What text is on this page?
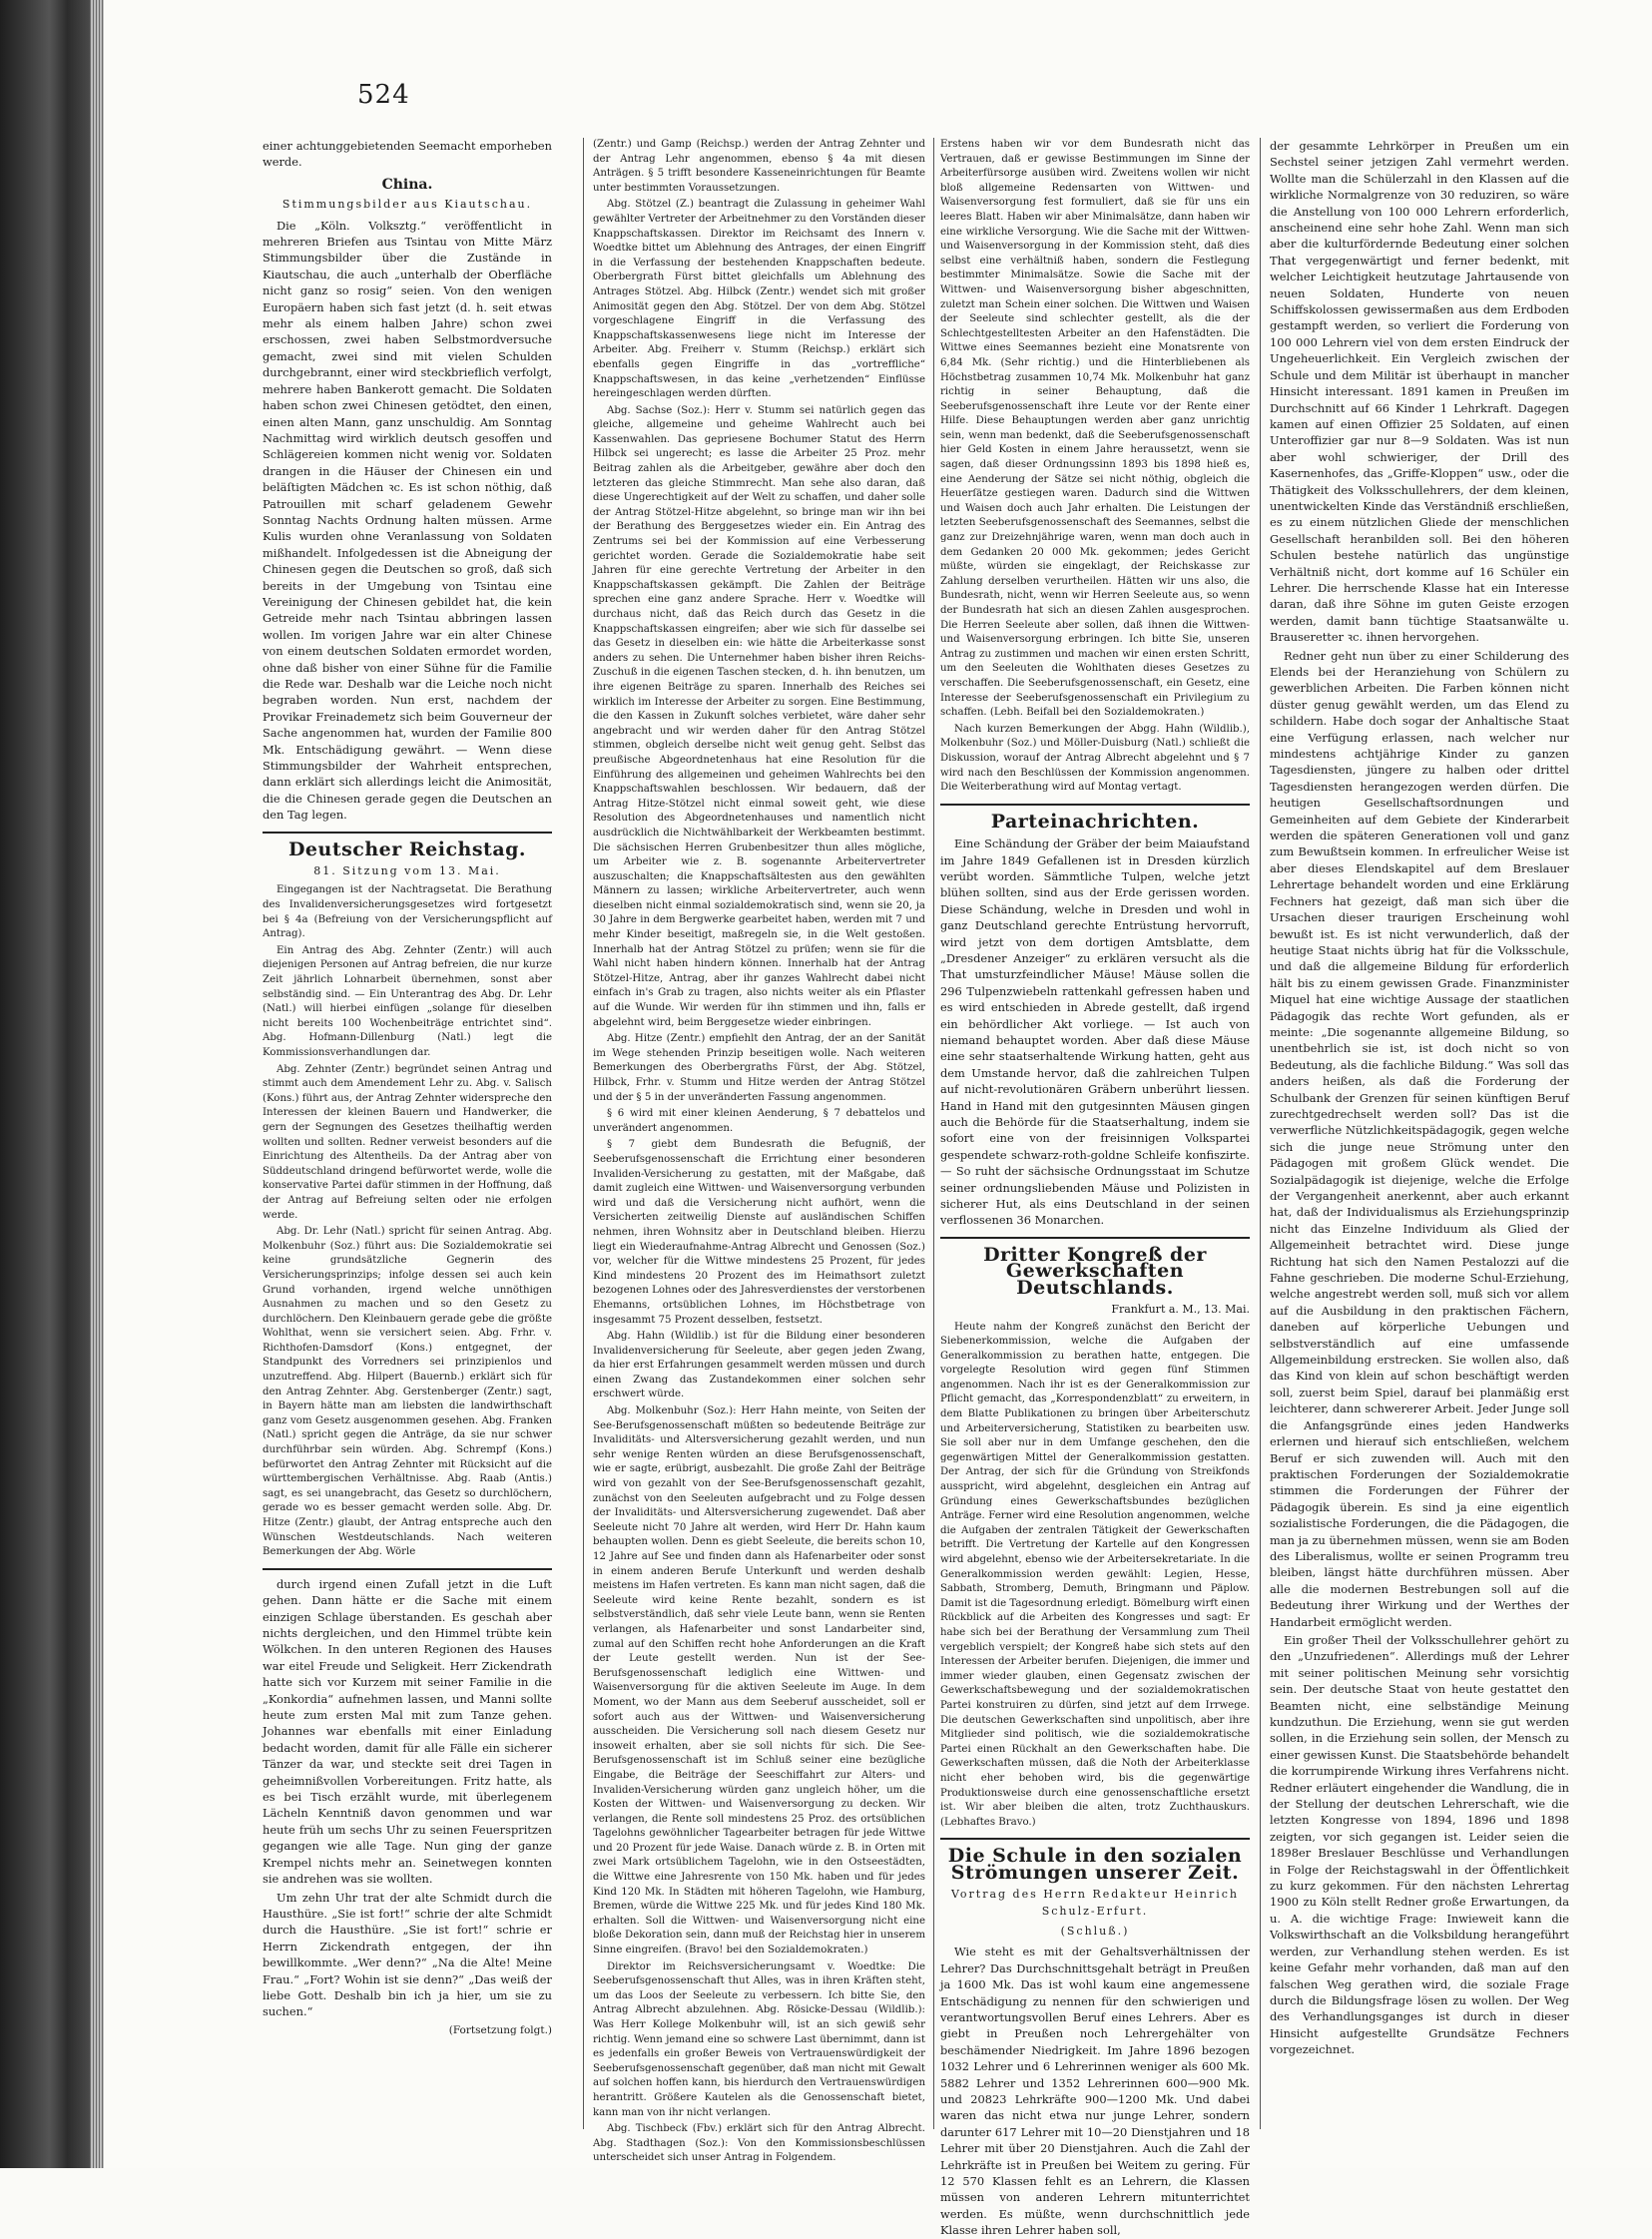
524

einer achtunggebietenden Seemacht emporheben werde.

China.
Stimmungsbilder aus Kiautschau.

Die „Köln. Volksztg.“ veröffentlicht in mehreren Briefen aus Tsintau von Mitte März Stimmungsbilder über die Zustände in Kiautschau, die auch „unterhalb der Oberfläche nicht ganz so rosig“ seien. Von den wenigen Europäern haben sich fast jetzt (d. h. seit etwas mehr als einem halben Jahre) schon zwei erschossen, zwei haben Selbstmordversuche gemacht, zwei sind mit vielen Schulden durchgebrannt, einer wird steckbrieflich verfolgt, mehrere haben Bankerott gemacht. Die Soldaten haben schon zwei Chinesen getödtet, den einen, einen alten Mann, ganz unschuldig. Am Sonntag Nachmittag wird wirklich deutsch gesoffen und Schlägereien kommen nicht wenig vor. Soldaten drangen in die Häuser der Chinesen ein und beläſtigten Mädchen ꝛc. Es ist schon nöthig, daß Patrouillen mit scharf geladenem Gewehr Sonntag Nachts Ordnung halten müssen. Arme Kulis wurden ohne Veranlassung von Soldaten mißhandelt. Infolgedessen ist die Abneigung der Chinesen gegen die Deutschen so groß, daß sich bereits in der Umgebung von Tsintau eine Vereinigung der Chinesen gebildet hat, die kein Getreide mehr nach Tsintau abbringen lassen wollen. Im vorigen Jahre war ein alter Chinese von einem deutschen Soldaten ermordet worden, ohne daß bisher von einer Sühne für die Familie die Rede war. Deshalb war die Leiche noch nicht begraben worden. Nun erst, nachdem der Provikar Freinademetz sich beim Gouverneur der Sache angenommen hat, wurden der Familie 800 Mk. Entschädigung gewährt. — Wenn diese Stimmungsbilder der Wahrheit entsprechen, dann erklärt sich allerdings leicht die Animosität, die die Chinesen gerade gegen die Deutschen an den Tag legen.

Deutscher Reichstag.
81. Sitzung vom 13. Mai.

Eingegangen ist der Nachtragsetat. Die Berathung des Invalidenversicherungsgesetzes wird fortgesetzt bei § 4a (Befreiung von der Versicherungspflicht auf Antrag).

Ein Antrag des Abg. Zehnter (Zentr.) will auch diejenigen Personen auf Antrag befreien, die nur kurze Zeit jährlich Lohnarbeit übernehmen, sonst aber selbständig sind. — Ein Unterantrag des Abg. Dr. Lehr (Natl.) will hierbei einfügen „solange für dieselben nicht bereits 100 Wochenbeiträge entrichtet sind“. Abg. Hofmann-Dillenburg (Natl.) legt die Kommissionsverhandlungen dar.

Abg. Zehnter (Zentr.) begründet seinen Antrag und stimmt auch dem Amendement Lehr zu. Abg. v. Salisch (Kons.) führt aus, der Antrag Zehnter widerspreche den Interessen der kleinen Bauern und Handwerker, die gern der Segnungen des Gesetzes theilhaftig werden wollten und sollten. Redner verweist besonders auf die Einrichtung des Altentheils. Da der Antrag aber von Süddeutschland dringend befürwortet werde, wolle die konservative Partei dafür stimmen in der Hoffnung, daß der Antrag auf Befreiung selten oder nie erfolgen werde.

Abg. Dr. Lehr (Natl.) spricht für seinen Antrag. Abg. Molkenbuhr (Soz.) führt aus: Die Sozialdemokratie sei keine grundsätzliche Gegnerin des Versicherungsprinzips; infolge dessen sei auch kein Grund vorhanden, irgend welche unnöthigen Ausnahmen zu machen und so den Gesetz zu durchlöchern. Den Kleinbauern gerade gebe die größte Wohlthat, wenn sie versichert seien. Abg. Frhr. v. Richthofen-Damsdorf (Kons.) entgegnet, der Standpunkt des Vorredners sei prinzipienlos und unzutreffend. Abg. Hilpert (Bauernb.) erklärt sich für den Antrag Zehnter. Abg. Gerstenberger (Zentr.) sagt, in Bayern hätte man am liebsten die landwirthschaft ganz vom Gesetz ausgenommen gesehen. Abg. Franken (Natl.) spricht gegen die Anträge, da sie nur schwer durchführbar sein würden. Abg. Schrempf (Kons.) befürwortet den Antrag Zehnter mit Rücksicht auf die württembergischen Verhältnisse. Abg. Raab (Antis.) sagt, es sei unangebracht, das Gesetz so durchlöchern, gerade wo es besser gemacht werden solle. Abg. Dr. Hitze (Zentr.) glaubt, der Antrag entspreche auch den Wünschen Westdeutschlands. Nach weiteren Bemerkungen der Abg. Wörle

durch irgend einen Zufall jetzt in die Luft gehen. Dann hätte er die Sache mit einem einzigen Schlage überstanden. Es geschah aber nichts dergleichen, und den Himmel trübte kein Wölkchen. In den unteren Regionen des Hauses war eitel Freude und Seligkeit. Herr Zickendrath hatte sich vor Kurzem mit seiner Familie in die „Konkordia“ aufnehmen lassen, und Manni sollte heute zum ersten Mal mit zum Tanze gehen. Johannes war ebenfalls mit einer Einladung bedacht worden, damit für alle Fälle ein sicherer Tänzer da war, und steckte seit drei Tagen in geheimnißvollen Vorbereitungen. Fritz hatte, als es bei Tisch erzählt wurde, mit überlegenem Lächeln Kenntniß davon genommen und war heute früh um sechs Uhr zu seinen Feuerspritzen gegangen wie alle Tage. Nun ging der ganze Krempel nichts mehr an. Seinetwegen konnten sie andrehen was sie wollten.

Um zehn Uhr trat der alte Schmidt durch die Hausthüre. „Sie ist fort!“ schrie der alte Schmidt durch die Hausthüre. „Sie ist fort!“ schrie er Herrn Zickendrath entgegen, der ihn bewillkommte. „Wer denn?“ „Na die Alte! Meine Frau.“ „Fort? Wohin ist sie denn?“ „Das weiß der liebe Gott. Deshalb bin ich ja hier, um sie zu suchen.“

(Fortsetzung folgt.)

(Zentr.) und Gamp (Reichsp.) werden der Antrag Zehnter und der Antrag Lehr angenommen, ebenso § 4a mit diesen Anträgen. § 5 trifft besondere Kasseneinrichtungen für Beamte unter bestimmten Voraussetzungen.

Abg. Stötzel (Z.) beantragt die Zulassung in geheimer Wahl gewählter Vertreter der Arbeitnehmer zu den Vorständen dieser Knappschaftskassen. Direktor im Reichsamt des Innern v. Woedtke bittet um Ablehnung des Antrages, der einen Eingriff in die Verfassung der bestehenden Knappschaften bedeute. Oberbergrath Fürst bittet gleichfalls um Ablehnung des Antrages Stötzel. Abg. Hilbck (Zentr.) wendet sich mit großer Animosität gegen den Abg. Stötzel. Der von dem Abg. Stötzel vorgeschlagene Eingriff in die Verfassung des Knappschaftskassenwesens liege nicht im Interesse der Arbeiter. Abg. Freiherr v. Stumm (Reichsp.) erklärt sich ebenfalls gegen Eingriffe in das „vortreffliche“ Knappschaftswesen, in das keine „verhetzenden“ Einflüsse hereingeschlagen werden dürften.

Abg. Sachse (Soz.): Herr v. Stumm sei natürlich gegen das gleiche, allgemeine und geheime Wahlrecht auch bei Kassenwahlen. Das gepriesene Bochumer Statut des Herrn Hilbck sei ungerecht; es lasse die Arbeiter 25 Proz. mehr Beitrag zahlen als die Arbeitgeber, gewähre aber doch den letzteren das gleiche Stimmrecht. Man sehe also daran, daß diese Ungerechtigkeit auf der Welt zu schaffen, und daher solle der Antrag Stötzel-Hitze abgelehnt, so bringe man wir ihn bei der Berathung des Berggesetzes wieder ein. Ein Antrag des Zentrums sei bei der Kommission auf eine Verbesserung gerichtet worden. Gerade die Sozialdemokratie habe seit Jahren für eine gerechte Vertretung der Arbeiter in den Knappschaftskassen gekämpft. Die Zahlen der Beiträge sprechen eine ganz andere Sprache. Herr v. Woedtke will durchaus nicht, daß das Reich durch das Gesetz in die Knappschaftskassen eingreifen; aber wie sich für dasselbe sei das Gesetz in dieselben ein: wie hätte die Arbeiterkasse sonst anders zu sehen. Die Unternehmer haben bisher ihren Reichs-Zuschuß in die eigenen Taschen stecken, d. h. ihn benutzen, um ihre eigenen Beiträge zu sparen. Innerhalb des Reiches sei wirklich im Interesse der Arbeiter zu sorgen. Eine Bestimmung, die den Kassen in Zukunft solches verbietet, wäre daher sehr angebracht und wir werden daher für den Antrag Stötzel stimmen, obgleich derselbe nicht weit genug geht. Selbst das preußische Abgeordnetenhaus hat eine Resolution für die Einführung des allgemeinen und geheimen Wahlrechts bei den Knappschaftswahlen beschlossen. Wir bedauern, daß der Antrag Hitze-Stötzel nicht einmal soweit geht, wie diese Resolution des Abgeordnetenhauses und namentlich nicht ausdrücklich die Nichtwählbarkeit der Werkbeamten bestimmt. Die sächsischen Herren Grubenbesitzer thun alles mögliche, um Arbeiter wie z. B. sogenannte Arbeitervertreter auszuschalten; die Knappschaftsältesten aus den gewählten Männern zu lassen; wirkliche Arbeitervertreter, auch wenn dieselben nicht einmal sozialdemokratisch sind, wenn sie 20, ja 30 Jahre in dem Bergwerke gearbeitet haben, werden mit 7 und mehr Kinder beseitigt, maßregeln sie, in die Welt gestoßen. Innerhalb hat der Antrag Stötzel zu prüfen; wenn sie für die Wahl nicht haben hindern können. Innerhalb hat der Antrag Stötzel-Hitze, Antrag, aber ihr ganzes Wahlrecht dabei nicht einfach in's Grab zu tragen, also nichts weiter als ein Pflaster auf die Wunde. Wir werden für ihn stimmen und ihn, falls er abgelehnt wird, beim Berggesetze wieder einbringen.

Abg. Hitze (Zentr.) empfiehlt den Antrag, der an der Sanität im Wege stehenden Prinzip beseitigen wolle. Nach weiteren Bemerkungen des Oberbergraths Fürst, der Abg. Stötzel, Hilbck, Frhr. v. Stumm und Hitze werden der Antrag Stötzel und der § 5 in der unveränderten Fassung angenommen.

§ 6 wird mit einer kleinen Aenderung, § 7 debattelos und unverändert angenommen.

§ 7 giebt dem Bundesrath die Befugniß, der Seeberufsgenossenschaft die Errichtung einer besonderen Invaliden-Versicherung zu gestatten, mit der Maßgabe, daß damit zugleich eine Wittwen- und Waisenversorgung verbunden wird und daß die Versicherung nicht aufhört, wenn die Versicherten zeitweilig Dienste auf ausländischen Schiffen nehmen, ihren Wohnsitz aber in Deutschland bleiben. Hierzu liegt ein Wiederaufnahme-Antrag Albrecht und Genossen (Soz.) vor, welcher für die Wittwe mindestens 25 Prozent, für jedes Kind mindestens 20 Prozent des im Heimathsort zuletzt bezogenen Lohnes oder des Jahresverdienstes der verstorbenen Ehemanns, ortsüblichen Lohnes, im Höchstbetrage von insgesammt 75 Prozent desselben, festsetzt.

Abg. Hahn (Wildlib.) ist für die Bildung einer besonderen Invalidenversicherung für Seeleute, aber gegen jeden Zwang, da hier erst Erfahrungen gesammelt werden müssen und durch einen Zwang das Zustandekommen einer solchen sehr erschwert würde.

Abg. Molkenbuhr (Soz.): Herr Hahn meinte, von Seiten der See-Berufsgenossenschaft müßten so bedeutende Beiträge zur Invaliditäts- und Altersversicherung gezahlt werden, und nun sehr wenige Renten würden an diese Berufsgenossenschaft, wie er sagte, erübrigt, ausbezahlt. Die große Zahl der Beiträge wird von gezahlt von der See-Berufsgenossenschaft gezahlt, zunächst von den Seeleuten aufgebracht und zu Folge dessen der Invaliditäts- und Altersversicherung zugewendet. Daß aber Seeleute nicht 70 Jahre alt werden, wird Herr Dr. Hahn kaum behaupten wollen. Denn es giebt Seeleute, die bereits schon 10, 12 Jahre auf See und finden dann als Hafenarbeiter oder sonst in einem anderen Berufe Unterkunft und werden deshalb meistens im Hafen vertreten. Es kann man nicht sagen, daß die Seeleute wird keine Rente bezahlt, sondern es ist selbstverständlich, daß sehr viele Leute bann, wenn sie Renten verlangen, als Hafenarbeiter und sonst Landarbeiter sind, zumal auf den Schiffen recht hohe Anforderungen an die Kraft der Leute gestellt werden. Nun ist der See-Berufsgenossenschaft lediglich eine Wittwen- und Waisenversorgung für die aktiven Seeleute im Auge. In dem Moment, wo der Mann aus dem Seeberuf ausscheidet, soll er sofort auch aus der Wittwen- und Waisenversicherung ausscheiden. Die Versicherung soll nach diesem Gesetz nur insoweit erhalten, aber sie soll nichts für sich. Die See-Berufsgenossenschaft ist im Schluß seiner eine bezügliche Eingabe, die Beiträge der Seeschiffahrt zur Alters- und Invaliden-Versicherung würden ganz ungleich höher, um die Kosten der Wittwen- und Waisenversorgung zu decken. Wir verlangen, die Rente soll mindestens 25 Proz. des ortsüblichen Tagelohns gewöhnlicher Tagearbeiter betragen für jede Wittwe und 20 Prozent für jede Waise. Danach würde z. B. in Orten mit zwei Mark ortsüblichem Tagelohn, wie in den Ostseestädten, die Wittwe eine Jahresrente von 150 Mk. haben und für jedes Kind 120 Mk. In Städten mit höheren Tagelohn, wie Hamburg, Bremen, würde die Wittwe 225 Mk. und für jedes Kind 180 Mk. erhalten. Soll die Wittwen- und Waisenversorgung nicht eine bloße Dekoration sein, dann muß der Reichstag hier in unserem Sinne eingreifen. (Bravo! bei den Sozialdemokraten.)

Direktor im Reichsversicherungsamt v. Woedtke: Die Seeberufsgenossenschaft thut Alles, was in ihren Kräften steht, um das Loos der Seeleute zu verbessern. Ich bitte Sie, den Antrag Albrecht abzulehnen. Abg. Rösicke-Dessau (Wildlib.): Was Herr Kollege Molkenbuhr will, ist an sich gewiß sehr richtig. Wenn jemand eine so schwere Last übernimmt, dann ist es jedenfalls ein großer Beweis von Vertrauenswürdigkeit der Seeberufsgenossenschaft gegenüber, daß man nicht mit Gewalt auf solchen hoffen kann, bis hierdurch den Vertrauenswürdigen herantritt. Größere Kautelen als die Genossenschaft bietet, kann man von ihr nicht verlangen.

Abg. Tischbeck (Fbv.) erklärt sich für den Antrag Albrecht. Abg. Stadthagen (Soz.): Von den Kommissionsbeschlüssen unterscheidet sich unser Antrag in Folgendem.

Erstens haben wir vor dem Bundesrath nicht das Vertrauen, daß er gewisse Bestimmungen im Sinne der Arbeiterfürsorge ausüben wird. Zweitens wollen wir nicht bloß allgemeine Redensarten von Wittwen- und Waisenversorgung fest formuliert, daß sie für uns ein leeres Blatt. Haben wir aber Minimalsätze, dann haben wir eine wirkliche Versorgung. Wie die Sache mit der Wittwen- und Waisenversorgung in der Kommission steht, daß dies selbst eine verhältniß haben, sondern die Festlegung bestimmter Minimalsätze. Sowie die Sache mit der Wittwen- und Waisenversorgung bisher abgeschnitten, zuletzt man Schein einer solchen. Die Wittwen und Waisen der Seeleute sind schlechter gestellt, als die der Schlechtgestelltesten Arbeiter an den Hafenstädten. Die Wittwe eines Seemannes bezieht eine Monatsrente von 6,84 Mk. (Sehr richtig.) und die Hinterbliebenen als Höchstbetrag zusammen 10,74 Mk. Molkenbuhr hat ganz richtig in seiner Behauptung, daß die Seeberufsgenossenschaft ihre Leute vor der Rente einer Hilfe. Diese Behauptungen werden aber ganz unrichtig sein, wenn man bedenkt, daß die Seeberufsgenossenschaft hier Geld Kosten in einem Jahre heraussetzt, wenn sie sagen, daß dieser Ordnungssinn 1893 bis 1898 hieß es, eine Aenderung der Sätze sei nicht nöthig, obgleich die Heuerſätze gestiegen waren. Dadurch sind die Wittwen und Waisen doch auch Jahr erhalten. Die Leistungen der letzten Seeberufsgenossenschaft des Seemannes, selbst die ganz zur Dreizehnjährige waren, wenn man doch auch in dem Gedanken 20 000 Mk. gekommen; jedes Gericht müßte, würden sie eingeklagt, der Reichskasse zur Zahlung derselben verurtheilen. Hätten wir uns also, die Bundesrath, nicht, wenn wir Herren Seeleute aus, so wenn der Bundesrath hat sich an diesen Zahlen ausgesprochen. Die Herren Seeleute aber sollen, daß ihnen die Wittwen- und Waisenversorgung erbringen. Ich bitte Sie, unseren Antrag zu zustimmen und machen wir einen ersten Schritt, um den Seeleuten die Wohlthaten dieses Gesetzes zu verschaffen. Die Seeberufsgenossenschaft, ein Gesetz, eine Interesse der Seeberufsgenossenschaft ein Privilegium zu schaffen. (Lebh. Beifall bei den Sozialdemokraten.)

Nach kurzen Bemerkungen der Abgg. Hahn (Wildlib.), Molkenbuhr (Soz.) und Möller-Duisburg (Natl.) schließt die Diskussion, worauf der Antrag Albrecht abgelehnt und § 7 wird nach den Beschlüssen der Kommission angenommen. Die Weiterberathung wird auf Montag vertagt.

Parteinachrichten.

Eine Schändung der Gräber der beim Maiaufstand im Jahre 1849 Gefallenen ist in Dresden kürzlich verübt worden. Sämmtliche Tulpen, welche jetzt blühen sollten, sind aus der Erde gerissen worden. Diese Schändung, welche in Dresden und wohl in ganz Deutschland gerechte Entrüstung hervorruft, wird jetzt von dem dortigen Amtsblatte, dem „Dresdener Anzeiger“ zu erklären versucht als die That umsturzfeindlicher Mäuse! Mäuse sollen die 296 Tulpenzwiebeln rattenkahl gefressen haben und es wird entschieden in Abrede gestellt, daß irgend ein behördlicher Akt vorliege. — Ist auch von niemand behauptet worden. Aber daß diese Mäuse eine sehr staatserhaltende Wirkung hatten, geht aus dem Umstande hervor, daß die zahlreichen Tulpen auf nicht-revolutionären Gräbern unberührt liessen. Hand in Hand mit den gutgesinnten Mäusen gingen auch die Behörde für die Staatserhaltung, indem sie sofort eine von der freisinnigen Volkspartei gespendete schwarz-roth-goldne Schleife konfiszirte. — So ruht der sächsische Ordnungsstaat im Schutze seiner ordnungsliebenden Mäuse und Polizisten in sicherer Hut, als eins Deutschland in der seinen verflossenen 36 Monarchen.

Dritter Kongreß der Gewerkschaften Deutschlands.
Frankfurt a. M., 13. Mai.

Heute nahm der Kongreß zunächst den Bericht der Siebenerkommission, welche die Aufgaben der Generalkommission zu berathen hatte, entgegen. Die vorgelegte Resolution wird gegen fünf Stimmen angenommen. Nach ihr ist es der Generalkommission zur Pflicht gemacht, das „Korrespondenzblatt“ zu erweitern, in dem Blatte Publikationen zu bringen über Arbeiterschutz und Arbeiterversicherung, Statistiken zu bearbeiten usw. Sie soll aber nur in dem Umfange geschehen, den die gegenwärtigen Mittel der Generalkommission gestatten. Der Antrag, der sich für die Gründung von Streikfonds ausspricht, wird abgelehnt, desgleichen ein Antrag auf Gründung eines Gewerkschaftsbundes bezüglichen Anträge. Ferner wird eine Resolution angenommen, welche die Aufgaben der zentralen Tätigkeit der Gewerkschaften betrifft. Die Vertretung der Kartelle auf den Kongressen wird abgelehnt, ebenso wie der Arbeitersekretariate. In die Generalkommission werden gewählt: Legien, Hesse, Sabbath, Stromberg, Demuth, Bringmann und Päplow. Damit ist die Tagesordnung erledigt. Bömelburg wirft einen Rückblick auf die Arbeiten des Kongresses und sagt: Er habe sich bei der Berathung der Versammlung zum Theil vergeblich verspielt; der Kongreß habe sich stets auf den Interessen der Arbeiter berufen. Diejenigen, die immer und immer wieder glauben, einen Gegensatz zwischen der Gewerkschaftsbewegung und der sozialdemokratischen Partei konstruiren zu dürfen, sind jetzt auf dem Irrwege. Die deutschen Gewerkschaften sind unpolitisch, aber ihre Mitglieder sind politisch, wie die sozialdemokratische Partei einen Rückhalt an den Gewerkschaften habe. Die Gewerkschaften müssen, daß die Noth der Arbeiterklasse nicht eher behoben wird, bis die gegenwärtige Produktionsweise durch eine genossenschaftliche ersetzt ist. Wir aber bleiben die alten, trotz Zuchthauskurs. (Lebhaftes Bravo.)

Die Schule in den sozialen Strömungen unserer Zeit.
Vortrag des Herrn Redakteur Heinrich Schulz-Erfurt.
(Schluß.)

Wie steht es mit der Gehaltsverhältnissen der Lehrer? Das Durchschnittsgehalt beträgt in Preußen ja 1600 Mk. Das ist wohl kaum eine angemessene Entschädigung zu nennen für den schwierigen und verantwortungsvollen Beruf eines Lehrers. Aber es giebt in Preußen noch Lehrergehälter von beschämender Niedrigkeit. Im Jahre 1896 bezogen 1032 Lehrer und 6 Lehrerinnen weniger als 600 Mk. 5882 Lehrer und 1352 Lehrerinnen 600—900 Mk. und 20823 Lehrkräfte 900—1200 Mk. Und dabei waren das nicht etwa nur junge Lehrer, sondern darunter 617 Lehrer mit 10—20 Dienstjahren und 18 Lehrer mit über 20 Dienstjahren. Auch die Zahl der Lehrkräfte ist in Preußen bei Weitem zu gering. Für 12 570 Klassen fehlt es an Lehrern, die Klassen müssen von anderen Lehrern mitunterrichtet werden. Es müßte, wenn durchschnittlich jede Klasse ihren Lehrer haben soll,

der gesammte Lehrkörper in Preußen um ein Sechstel seiner jetzigen Zahl vermehrt werden. Wollte man die Schülerzahl in den Klassen auf die wirkliche Normalgrenze von 30 reduziren, so wäre die Anstellung von 100 000 Lehrern erforderlich, anscheinend eine sehr hohe Zahl. Wenn man sich aber die kulturfördernde Bedeutung einer solchen That vergegenwärtigt und ferner bedenkt, mit welcher Leichtigkeit heutzutage Jahrtausende von neuen Soldaten, Hunderte von neuen Schiffskolossen gewissermaßen aus dem Erdboden gestampft werden, so verliert die Forderung von 100 000 Lehrern viel von dem ersten Eindruck der Ungeheuerlichkeit. Ein Vergleich zwischen der Schule und dem Militär ist überhaupt in mancher Hinsicht interessant. 1891 kamen in Preußen im Durchschnitt auf 66 Kinder 1 Lehrkraft. Dagegen kamen auf einen Offizier 25 Soldaten, auf einen Unteroffizier gar nur 8—9 Soldaten. Was ist nun aber wohl schwieriger, der Drill des Kasernenhofes, das „Griffe-Kloppen“ usw., oder die Thätigkeit des Volksschullehrers, der dem kleinen, unentwickelten Kinde das Verständniß erschließen, es zu einem nützlichen Gliede der menschlichen Gesellschaft heranbilden soll. Bei den höheren Schulen bestehe natürlich das ungünstige Verhältniß nicht, dort komme auf 16 Schüler ein Lehrer. Die herrschende Klasse hat ein Interesse daran, daß ihre Söhne im guten Geiste erzogen werden, damit bann tüchtige Staatsanwälte u. Brauseretter ꝛc. ihnen hervorgehen.

Redner geht nun über zu einer Schilderung des Elends bei der Heranziehung von Schülern zu gewerblichen Arbeiten. Die Farben können nicht düster genug gewählt werden, um das Elend zu schildern. Habe doch sogar der Anhaltische Staat eine Verfügung erlassen, nach welcher nur mindestens achtjährige Kinder zu ganzen Tagesdiensten, jüngere zu halben oder drittel Tagesdiensten herangezogen werden dürfen. Die heutigen Gesellschaftsordnungen und Gemeinheiten auf dem Gebiete der Kinderarbeit werden die späteren Generationen voll und ganz zum Bewußtsein kommen. In erfreulicher Weise ist aber dieses Elendskapitel auf dem Breslauer Lehrertage behandelt worden und eine Erklärung Fechners hat gezeigt, daß man sich über die Ursachen dieser traurigen Erscheinung wohl bewußt ist. Es ist nicht verwunderlich, daß der heutige Staat nichts übrig hat für die Volksschule, und daß die allgemeine Bildung für erforderlich hält bis zu einem gewissen Grade. Finanzminister Miquel hat eine wichtige Aussage der staatlichen Pädagogik das rechte Wort gefunden, als er meinte: „Die sogenannte allgemeine Bildung, so unentbehrlich sie ist, ist doch nicht so von Bedeutung, als die fachliche Bildung.“ Was soll das anders heißen, als daß die Forderung der Schulbank der Grenzen für seinen künftigen Beruf zurechtgedrechselt werden soll? Das ist die verwerfliche Nützlichkeitspädagogik, gegen welche sich die junge neue Strömung unter den Pädagogen mit großem Glück wendet. Die Sozialpädagogik ist diejenige, welche die Erfolge der Vergangenheit anerkennt, aber auch erkannt hat, daß der Individualismus als Erziehungsprinzip nicht das Einzelne Individuum als Glied der Allgemeinheit betrachtet wird. Diese junge Richtung hat sich den Namen Pestalozzi auf die Fahne geschrieben. Die moderne Schul-Erziehung, welche angestrebt werden soll, muß sich vor allem auf die Ausbildung in den praktischen Fächern, daneben auf körperliche Uebungen und selbstverständlich auf eine umfassende Allgemeinbildung erstrecken. Sie wollen also, daß das Kind von klein auf schon beschäftigt werden soll, zuerst beim Spiel, darauf bei planmäßig erst leichterer, dann schwererer Arbeit. Jeder Junge soll die Anfangsgründe eines jeden Handwerks erlernen und hierauf sich entschließen, welchem Beruf er sich zuwenden will. Auch mit den praktischen Forderungen der Sozialdemokratie stimmen die Forderungen der Führer der Pädagogik überein. Es sind ja eine eigentlich sozialistische Forderungen, die die Pädagogen, die man ja zu übernehmen müssen, wenn sie am Boden des Liberalismus, wollte er seinen Programm treu bleiben, längst hätte durchführen müssen. Aber alle die modernen Bestrebungen soll auf die Bedeutung ihrer Wirkung und der Werthes der Handarbeit ermöglicht werden.

Ein großer Theil der Volksschullehrer gehört zu den „Unzufriedenen“. Allerdings muß der Lehrer mit seiner politischen Meinung sehr vorsichtig sein. Der deutsche Staat von heute gestattet den Beamten nicht, eine selbständige Meinung kundzuthun. Die Erziehung, wenn sie gut werden sollen, in die Erziehung sein sollen, der Mensch zu einer gewissen Kunst. Die Staatsbehörde behandelt die korrumpirende Wirkung ihres Verfahrens nicht. Redner erläutert eingehender die Wandlung, die in der Stellung der deutschen Lehrerschaft, wie die letzten Kongresse von 1894, 1896 und 1898 zeigten, vor sich gegangen ist. Leider seien die 1898er Breslauer Beschlüsse und Verhandlungen in Folge der Reichstagswahl in der Öffentlichkeit zu kurz gekommen. Für den nächsten Lehrertag 1900 zu Köln stellt Redner große Erwartungen, da u. A. die wichtige Frage: Inwieweit kann die Volkswirthschaft an die Volksbildung herangeführt werden, zur Verhandlung stehen werden. Es ist keine Gefahr mehr vorhanden, daß man auf den falschen Weg gerathen wird, die soziale Frage durch die Bildungsfrage lösen zu wollen. Der Weg des Verhandlungsganges ist durch in dieser Hinsicht aufgestellte Grundsätze Fechners vorgezeichnet.
